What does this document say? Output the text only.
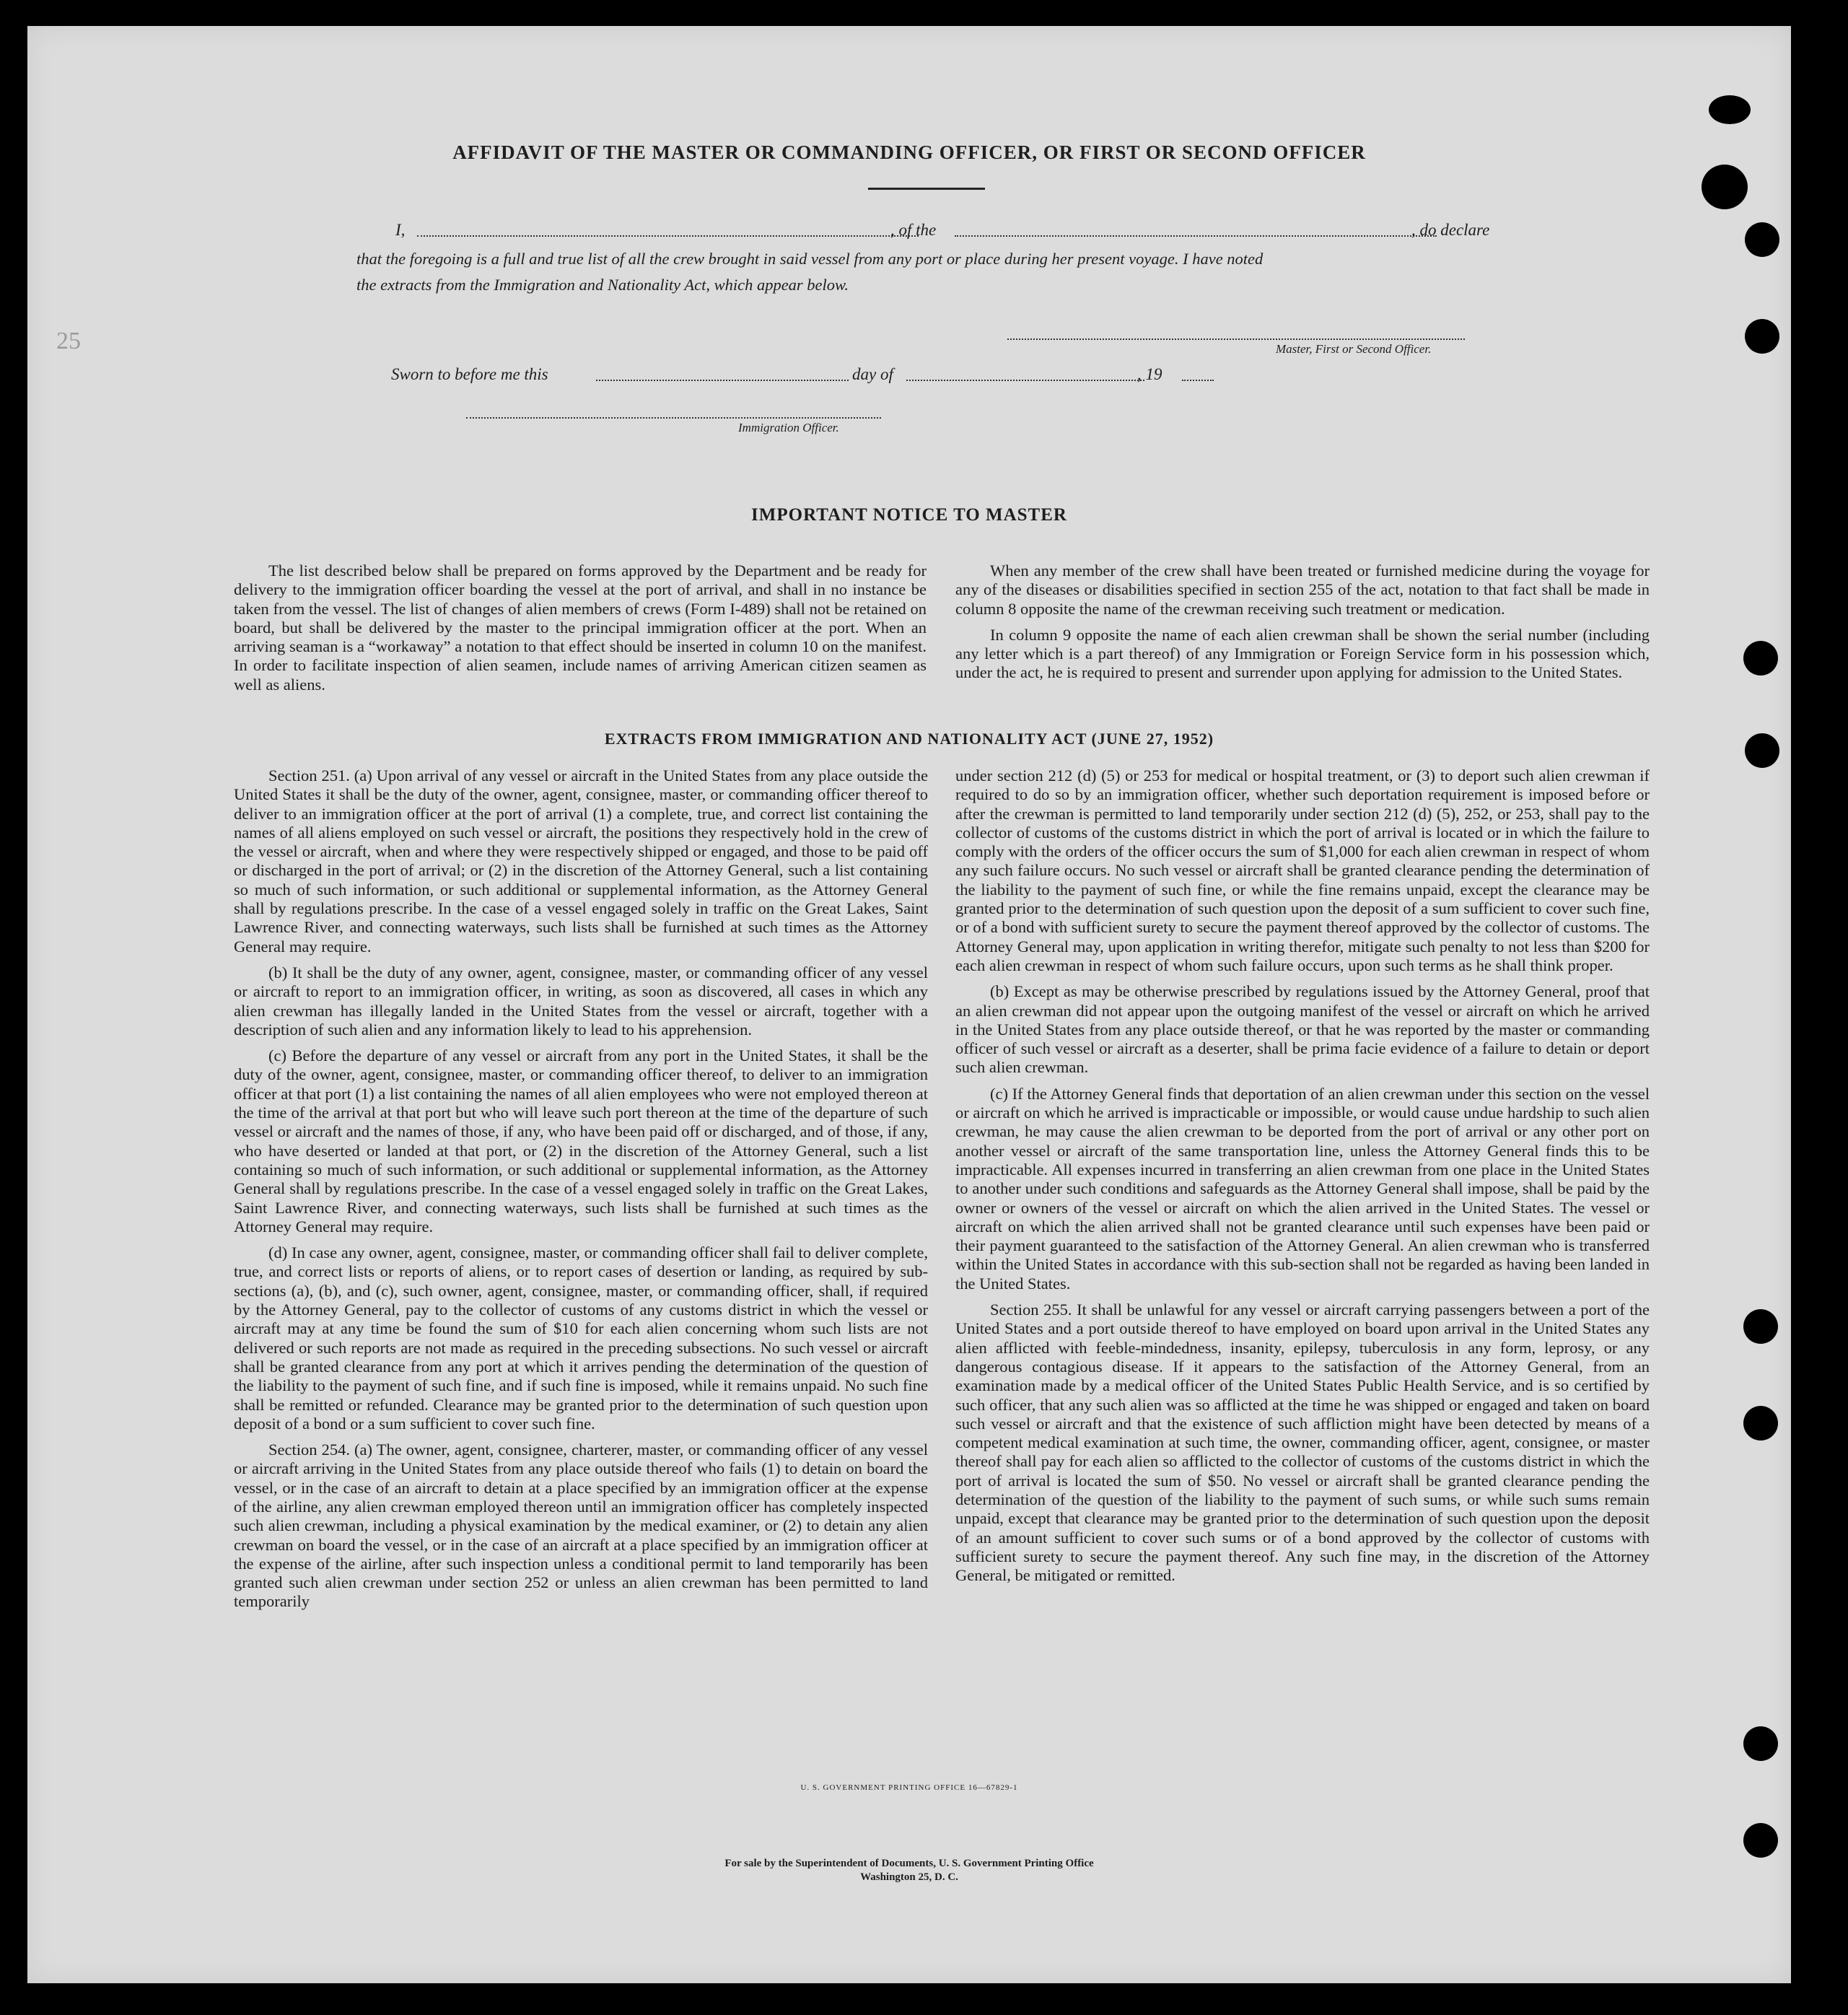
25
AFFIDAVIT OF THE MASTER OR COMMANDING OFFICER, OR FIRST OR SECOND OFFICER
I,	, of the	, do declare
that the foregoing is a full and true list of all the crew brought in said vessel from any port or place during her present voyage. I have noted
the extracts from the Immigration and Nationality Act, which appear below.
Master, First or Second Officer.
Sworn to before me this	day of	, 19
Immigration Officer.
IMPORTANT NOTICE TO MASTER

The list described below shall be prepared on forms approved by the Department and be ready for delivery to the immigration officer boarding the vessel at the port of arrival, and shall in no instance be taken from the vessel. The list of changes of alien members of crews (Form I-489) shall not be retained on board, but shall be delivered by the master to the principal immigration officer at the port. When an arriving seaman is a “workaway” a notation to that effect should be inserted in column 10 on the manifest. In order to facilitate inspection of alien seamen, include names of arriving American citizen seamen as well as aliens.

When any member of the crew shall have been treated or furnished medicine during the voyage for any of the diseases or disabilities specified in section 255 of the act, notation to that fact shall be made in column 8 opposite the name of the crewman receiving such treatment or medication.

In column 9 opposite the name of each alien crewman shall be shown the serial number (including any letter which is a part thereof) of any Immigration or Foreign Service form in his possession which, under the act, he is required to present and surrender upon applying for admission to the United States.

EXTRACTS FROM IMMIGRATION AND NATIONALITY ACT (JUNE 27, 1952)

Section 251. (a) Upon arrival of any vessel or aircraft in the United States from any place outside the United States it shall be the duty of the owner, agent, consignee, master, or commanding officer thereof to deliver to an immigration officer at the port of arrival (1) a complete, true, and correct list containing the names of all aliens employed on such vessel or aircraft, the positions they respectively hold in the crew of the vessel or aircraft, when and where they were respectively shipped or engaged, and those to be paid off or discharged in the port of arrival; or (2) in the discretion of the Attorney General, such a list containing so much of such information, or such additional or supplemental information, as the Attorney General shall by regulations prescribe. In the case of a vessel engaged solely in traffic on the Great Lakes, Saint Lawrence River, and connecting waterways, such lists shall be furnished at such times as the Attorney General may require.

(b) It shall be the duty of any owner, agent, consignee, master, or commanding officer of any vessel or aircraft to report to an immigration officer, in writing, as soon as discovered, all cases in which any alien crewman has illegally landed in the United States from the vessel or aircraft, together with a description of such alien and any information likely to lead to his apprehension.

(c) Before the departure of any vessel or aircraft from any port in the United States, it shall be the duty of the owner, agent, consignee, master, or commanding officer thereof, to deliver to an immigration officer at that port (1) a list containing the names of all alien employees who were not employed thereon at the time of the arrival at that port but who will leave such port thereon at the time of the departure of such vessel or aircraft and the names of those, if any, who have been paid off or discharged, and of those, if any, who have deserted or landed at that port, or (2) in the discretion of the Attorney General, such a list containing so much of such information, or such additional or supplemental information, as the Attorney General shall by regulations prescribe. In the case of a vessel engaged solely in traffic on the Great Lakes, Saint Lawrence River, and connecting waterways, such lists shall be furnished at such times as the Attorney General may require.

(d) In case any owner, agent, consignee, master, or commanding officer shall fail to deliver complete, true, and correct lists or reports of aliens, or to report cases of desertion or landing, as required by sub-sections (a), (b), and (c), such owner, agent, consignee, master, or commanding officer, shall, if required by the Attorney General, pay to the collector of customs of any customs district in which the vessel or aircraft may at any time be found the sum of $10 for each alien concerning whom such lists are not delivered or such reports are not made as required in the preceding subsections. No such vessel or aircraft shall be granted clearance from any port at which it arrives pending the determination of the question of the liability to the payment of such fine, and if such fine is imposed, while it remains unpaid. No such fine shall be remitted or refunded. Clearance may be granted prior to the determination of such question upon deposit of a bond or a sum sufficient to cover such fine.

Section 254. (a) The owner, agent, consignee, charterer, master, or commanding officer of any vessel or aircraft arriving in the United States from any place outside thereof who fails (1) to detain on board the vessel, or in the case of an aircraft to detain at a place specified by an immigration officer at the expense of the airline, any alien crewman employed thereon until an immigration officer has completely inspected such alien crewman, including a physical examination by the medical examiner, or (2) to detain any alien crewman on board the vessel, or in the case of an aircraft at a place specified by an immigration officer at the expense of the airline, after such inspection unless a conditional permit to land temporarily has been granted such alien crewman under section 252 or unless an alien crewman has been permitted to land temporarily

under section 212 (d) (5) or 253 for medical or hospital treatment, or (3) to deport such alien crewman if required to do so by an immigration officer, whether such deportation requirement is imposed before or after the crewman is permitted to land temporarily under section 212 (d) (5), 252, or 253, shall pay to the collector of customs of the customs district in which the port of arrival is located or in which the failure to comply with the orders of the officer occurs the sum of $1,000 for each alien crewman in respect of whom any such failure occurs. No such vessel or aircraft shall be granted clearance pending the determination of the liability to the payment of such fine, or while the fine remains unpaid, except the clearance may be granted prior to the determination of such question upon the deposit of a sum sufficient to cover such fine, or of a bond with sufficient surety to secure the payment thereof approved by the collector of customs. The Attorney General may, upon application in writing therefor, mitigate such penalty to not less than $200 for each alien crewman in respect of whom such failure occurs, upon such terms as he shall think proper.

(b) Except as may be otherwise prescribed by regulations issued by the Attorney General, proof that an alien crewman did not appear upon the outgoing manifest of the vessel or aircraft on which he arrived in the United States from any place outside thereof, or that he was reported by the master or commanding officer of such vessel or aircraft as a deserter, shall be prima facie evidence of a failure to detain or deport such alien crewman.

(c) If the Attorney General finds that deportation of an alien crewman under this section on the vessel or aircraft on which he arrived is impracticable or impossible, or would cause undue hardship to such alien crewman, he may cause the alien crewman to be deported from the port of arrival or any other port on another vessel or aircraft of the same transportation line, unless the Attorney General finds this to be impracticable. All expenses incurred in transferring an alien crewman from one place in the United States to another under such conditions and safeguards as the Attorney General shall impose, shall be paid by the owner or owners of the vessel or aircraft on which the alien arrived in the United States. The vessel or aircraft on which the alien arrived shall not be granted clearance until such expenses have been paid or their payment guaranteed to the satisfaction of the Attorney General. An alien crewman who is transferred within the United States in accordance with this sub-section shall not be regarded as having been landed in the United States.

Section 255. It shall be unlawful for any vessel or aircraft carrying passengers between a port of the United States and a port outside thereof to have employed on board upon arrival in the United States any alien afflicted with feeble-mindedness, insanity, epilepsy, tuberculosis in any form, leprosy, or any dangerous contagious disease. If it appears to the satisfaction of the Attorney General, from an examination made by a medical officer of the United States Public Health Service, and is so certified by such officer, that any such alien was so afflicted at the time he was shipped or engaged and taken on board such vessel or aircraft and that the existence of such affliction might have been detected by means of a competent medical examination at such time, the owner, commanding officer, agent, consignee, or master thereof shall pay for each alien so afflicted to the collector of customs of the customs district in which the port of arrival is located the sum of $50. No vessel or aircraft shall be granted clearance pending the determination of the question of the liability to the payment of such sums, or while such sums remain unpaid, except that clearance may be granted prior to the determination of such question upon the deposit of an amount sufficient to cover such sums or of a bond approved by the collector of customs with sufficient surety to secure the payment thereof. Any such fine may, in the discretion of the Attorney General, be mitigated or remitted.

U. S. GOVERNMENT PRINTING OFFICE 16—67829-1
For sale by the Superintendent of Documents, U. S. Government Printing Office
Washington 25, D. C.
